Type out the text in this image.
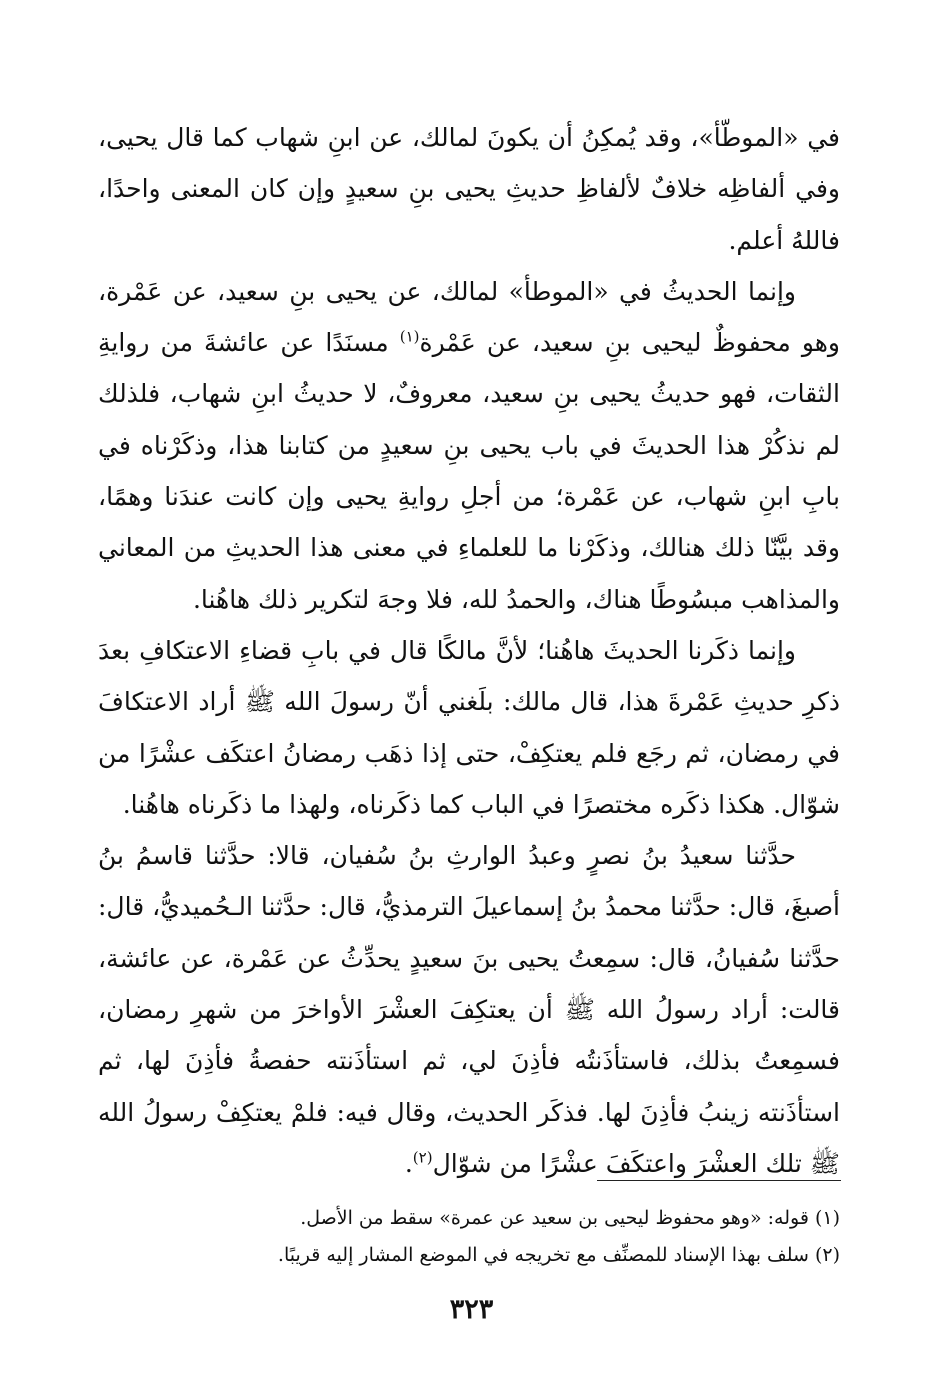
في «الموطّأ»، وقد يُمكِنُ أن يكونَ لمالك، عن ابنِ شهاب كما قال يحيى، وفي ألفاظِه خلافٌ لألفاظِ حديثِ يحيى بنِ سعيدٍ وإن كان المعنى واحدًا، فاللهُ أعلم.

وإنما الحديثُ في «الموطأ» لمالك، عن يحيى بنِ سعيد، عن عَمْرة، وهو محفوظٌ ليحيى بنِ سعيد، عن عَمْرة$^{(١)}$ مسنَدًا عن عائشةَ من روايةِ الثقات، فهو حديثُ يحيى بنِ سعيد، معروفٌ، لا حديثُ ابنِ شهاب، فلذلك لم نذكُرْ هذا الحديثَ في باب يحيى بنِ سعيدٍ من كتابنا هذا، وذكَرْناه في بابِ ابنِ شهاب، عن عَمْرة؛ من أجلِ روايةِ يحيى وإن كانت عندَنا وهمًا، وقد بيَّنّا ذلك هنالك، وذكَرْنا ما للعلماءِ في معنى هذا الحديثِ من المعاني والمذاهب مبسُوطًا هناك، والحمدُ لله، فلا وجهَ لتكرير ذلك هاهُنا.

وإنما ذكَرنا الحديثَ هاهُنا؛ لأنَّ مالكًا قال في بابِ قضاءِ الاعتكافِ بعدَ ذكرِ حديثِ عَمْرةَ هذا، قال مالك: بلَغني أنّ رسولَ الله ﷺ أراد الاعتكافَ في رمضان، ثم رجَع فلم يعتكِفْ، حتى إذا ذهَب رمضانُ اعتكَف عشْرًا من شوّال. هكذا ذكَره مختصرًا في الباب كما ذكَرناه، ولهذا ما ذكَرناه هاهُنا.

حدَّثنا سعيدُ بنُ نصرٍ وعبدُ الوارثِ بنُ سُفيان، قالا: حدَّثنا قاسمُ بنُ أصبغَ، قال: حدَّثنا محمدُ بنُ إسماعيلَ الترمذيُّ، قال: حدَّثنا الـحُميديُّ، قال: حدَّثنا سُفيانُ، قال: سمِعتُ يحيى بنَ سعيدٍ يحدِّثُ عن عَمْرة، عن عائشة، قالت: أراد رسولُ الله ﷺ أن يعتكِفَ العشْرَ الأواخرَ من شهرِ رمضان، فسمِعتُ بذلك، فاستأذَنتُه فأذِنَ لي، ثم استأذَنته حفصةُ فأذِنَ لها، ثم استأذَنته زينبُ فأذِنَ لها. فذكَر الحديث، وقال فيه: فلمْ يعتكِفْ رسولُ الله ﷺ تلك العشْرَ واعتكَفَ عشْرًا من شوّال$^{(٢)}$.

(١) قوله: «وهو محفوظ ليحيى بن سعيد عن عمرة» سقط من الأصل.

(٢) سلف بهذا الإسناد للمصنِّف مع تخريجه في الموضع المشار إليه قريبًا.

٣٢٣
